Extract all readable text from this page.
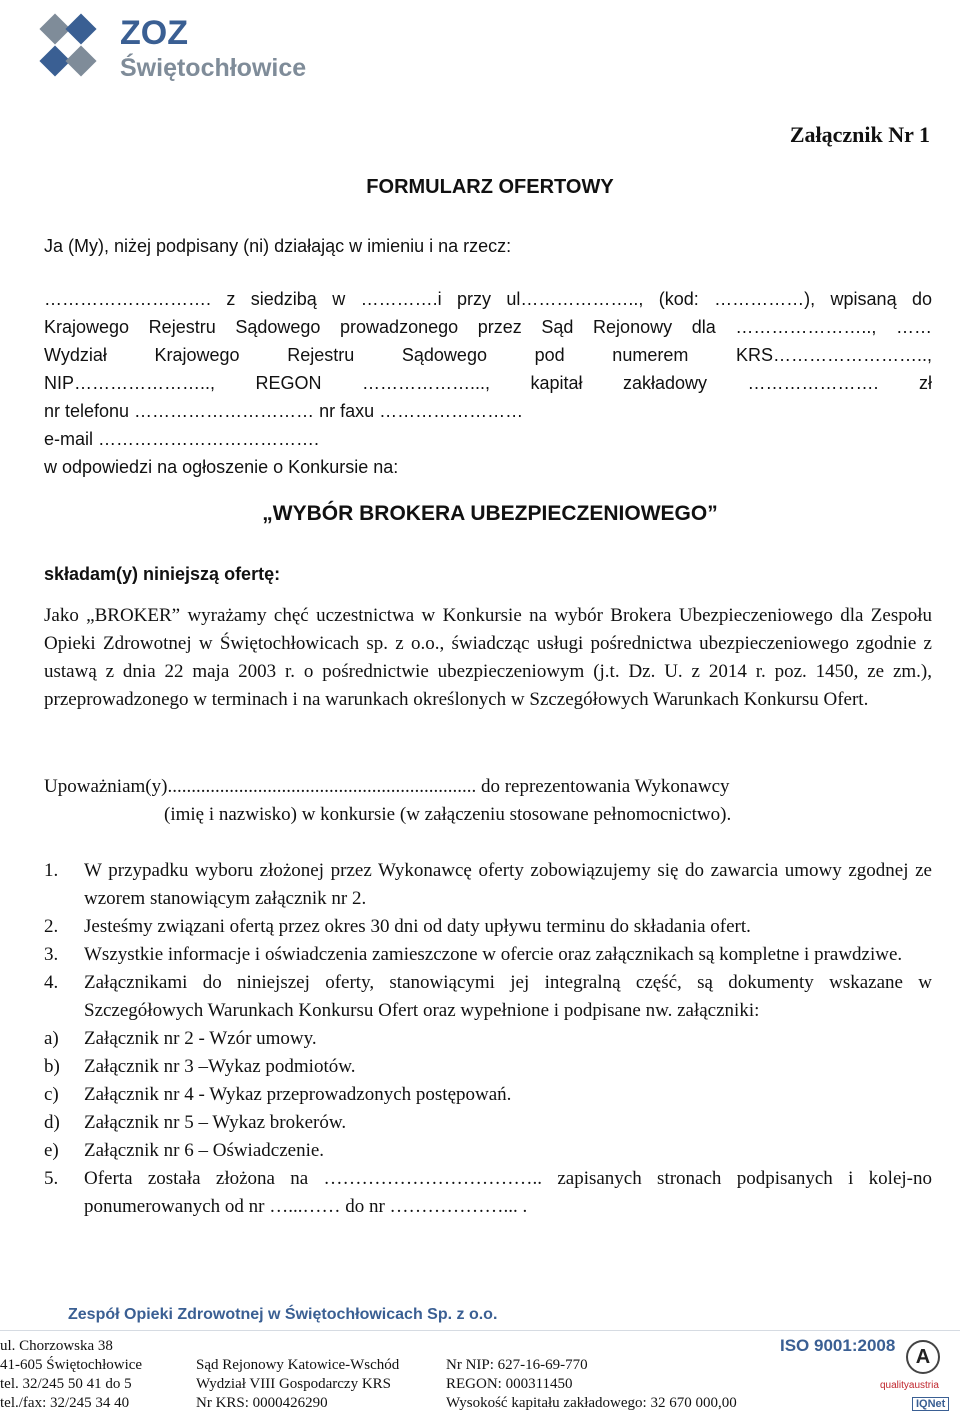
ZOZ
Świętochłowice
Załącznik Nr 1
FORMULARZ OFERTOWY
Ja (My), niżej podpisany (ni) działając w imieniu i na rzecz:
………………………. z siedzibą w ………….i przy ul……………….., (kod: ……………), wpisaną do
Krajowego Rejestru Sądowego prowadzonego przez Sąd Rejonowy dla ………………….., ……
Wydział Krajowego Rejestru Sądowego pod numerem KRS……………………..,
NIP………………….., REGON ………………..., kapitał zakładowy …………………. zł
nr telefonu ………………………… nr faxu ……………………
e-mail ……………………………….
w odpowiedzi na ogłoszenie o Konkursie na:
„WYBÓR BROKERA UBEZPIECZENIOWEGO”
składam(y) niniejszą ofertę:
Jako „BROKER” wyrażamy chęć uczestnictwa w Konkursie na wybór Brokera Ubezpieczeniowego dla Zespołu Opieki Zdrowotnej w Świętochłowicach sp. z o.o., świadcząc usługi pośrednictwa ubezpieczeniowego zgodnie z ustawą z dnia 22 maja 2003 r. o pośrednictwie ubezpieczeniowym (j.t. Dz. U. z 2014 r. poz. 1450, ze zm.), przeprowadzonego w terminach i na warunkach określonych w Szczegółowych Warunkach Konkursu Ofert.
Upoważniam(y)................................................................. do reprezentowania Wykonawcy
(imię i nazwisko) w konkursie (w załączeniu stosowane pełnomocnictwo).
1. W przypadku wyboru złożonej przez Wykonawcę oferty zobowiązujemy się do zawarcia umowy zgodnej ze wzorem stanowiącym załącznik nr 2.
2. Jesteśmy związani ofertą przez okres 30 dni od daty upływu terminu do składania ofert.
3. Wszystkie informacje i oświadczenia zamieszczone w ofercie oraz załącznikach są kompletne i prawdziwe.
4. Załącznikami do niniejszej oferty, stanowiącymi jej integralną część, są dokumenty wskazane w Szczegółowych Warunkach Konkursu Ofert oraz wypełnione i podpisane nw. załączniki:
a) Załącznik nr 2 - Wzór umowy.
b) Załącznik nr 3 –Wykaz podmiotów.
c) Załącznik nr 4 - Wykaz przeprowadzonych postępowań.
d) Załącznik nr 5 – Wykaz brokerów.
e) Załącznik nr 6 – Oświadczenie.
5. Oferta została złożona na …………………………….. zapisanych stronach podpisanych i kolej-no ponumerowanych od nr …...…… do nr ………………... .
Zespół Opieki Zdrowotnej w Świętochłowicach Sp. z o.o.
ul. Chorzowska 38
41-605 Świętochłowice
tel. 32/245 50 41 do 5
tel./fax: 32/245 34 40
Sąd Rejonowy Katowice-Wschód
Wydział VIII Gospodarczy KRS
Nr KRS: 0000426290
Nr NIP: 627-16-69-770
REGON: 000311450
Wysokość kapitału zakładowego: 32 670 000,00
ISO 9001:2008
A
qualityaustria
IQNet
